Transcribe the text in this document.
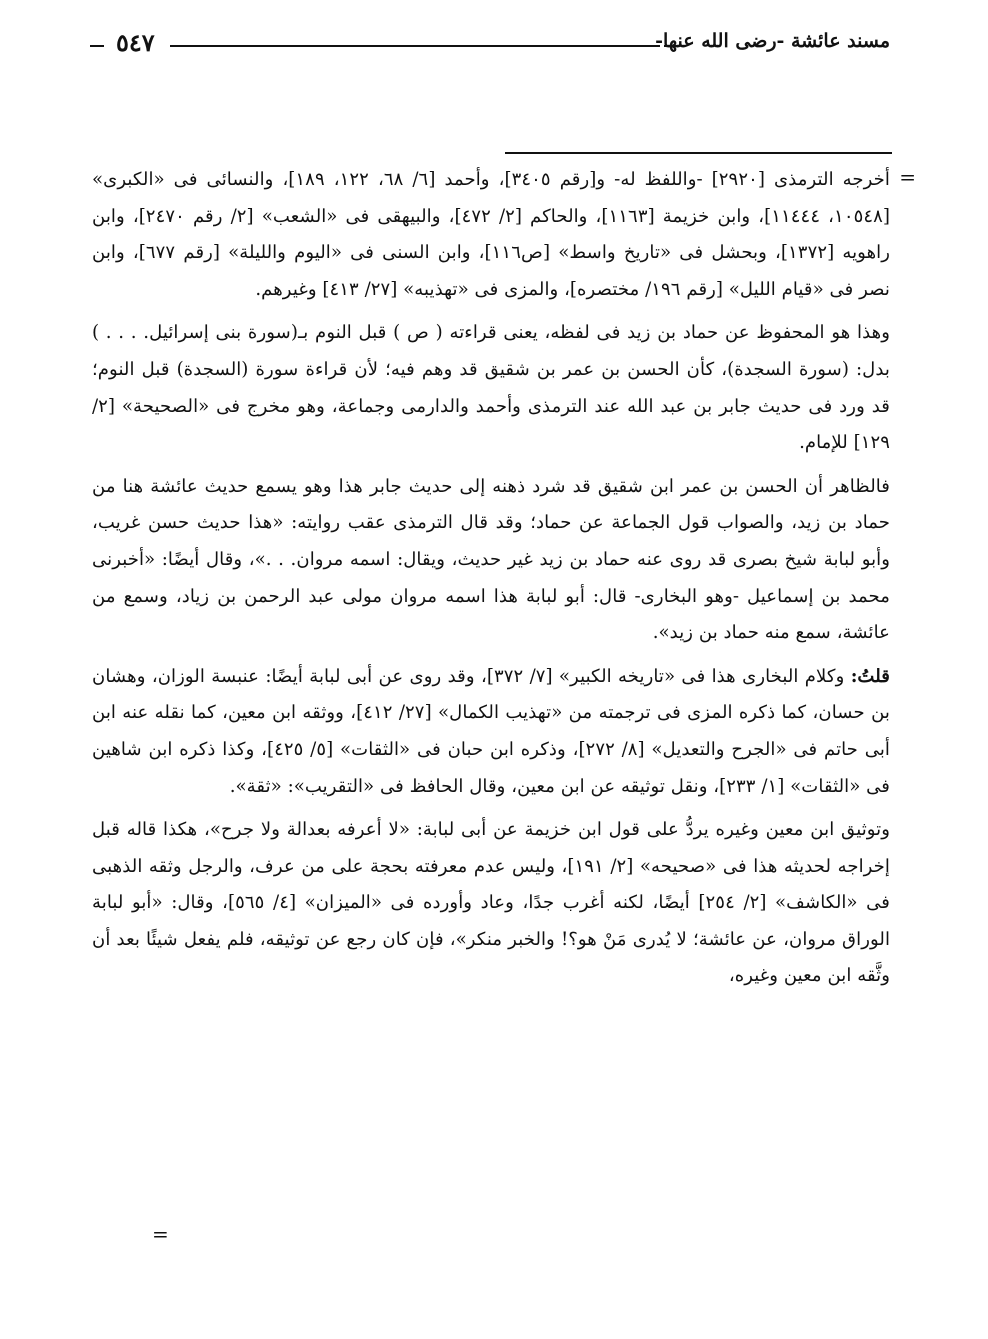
مسند عائشة -رضى الله عنها-
٥٤٧
=

أخرجه الترمذى [٢٩٢٠] -واللفظ له- و[رقم ٣٤٠٥]، وأحمد [٦/ ٦٨، ١٢٢، ١٨٩]، والنسائى فى «الكبرى» [١٠٥٤٨، ١١٤٤٤]، وابن خزيمة [١١٦٣]، والحاكم [٢/ ٤٧٢]، والبيهقى فى «الشعب» [٢/ رقم ٢٤٧٠]، وابن راهويه [١٣٧٢]، وبحشل فى «تاريخ واسط» [ص١١٦]، وابن السنى فى «اليوم والليلة» [رقم ٦٧٧]، وابن نصر فى «قيام الليل» [رقم ١٩٦/ مختصره]، والمزى فى «تهذيبه» [٢٧/ ٤١٣] وغيرهم.

وهذا هو المحفوظ عن حماد بن زيد فى لفظه، يعنى قراءته ( ص ) قبل النوم بـ(سورة بنى إسرائيل. . . . ) بدل: (سورة السجدة)، كأن الحسن بن عمر بن شقيق قد وهم فيه؛ لأن قراءة سورة (السجدة) قبل النوم؛ قد ورد فى حديث جابر بن عبد الله عند الترمذى وأحمد والدارمى وجماعة، وهو مخرج فى «الصحيحة» [٢/ ١٢٩] للإمام.

فالظاهر أن الحسن بن عمر ابن شقيق قد شرد ذهنه إلى حديث جابر هذا وهو يسمع حديث عائشة هنا من حماد بن زيد، والصواب قول الجماعة عن حماد؛ وقد قال الترمذى عقب روايته: «هذا حديث حسن غريب، وأبو لبابة شيخ بصرى قد روى عنه حماد بن زيد غير حديث، ويقال: اسمه مروان. . .»، وقال أيضًا: «أخبرنى محمد بن إسماعيل -وهو البخارى- قال: أبو لبابة هذا اسمه مروان مولى عبد الرحمن بن زياد، وسمع من عائشة، سمع منه حماد بن زيد».

قلتُ: وكلام البخارى هذا فى «تاريخه الكبير» [٧/ ٣٧٢]، وقد روى عن أبى لبابة أيضًا: عنبسة الوزان، وهشان بن حسان، كما ذكره المزى فى ترجمته من «تهذيب الكمال» [٢٧/ ٤١٢]، ووثقه ابن معين، كما نقله عنه ابن أبى حاتم فى «الجرح والتعديل» [٨/ ٢٧٢]، وذكره ابن حبان فى «الثقات» [٥/ ٤٢٥]، وكذا ذكره ابن شاهين فى «الثقات» [١/ ٢٣٣]، ونقل توثيقه عن ابن معين، وقال الحافظ فى «التقريب»: «ثقة».

وتوثيق ابن معين وغيره يردُّ على قول ابن خزيمة عن أبى لبابة: «لا أعرفه بعدالة ولا جرح»، هكذا قاله قبل إخراجه لحديثه هذا فى «صحيحه» [٢/ ١٩١]، وليس عدم معرفته بحجة على من عرف، والرجل وثقه الذهبى فى «الكاشف» [٢/ ٢٥٤] أيضًا، لكنه أغرب جدًا، وعاد وأورده فى «الميزان» [٤/ ٥٦٥]، وقال: «أبو لبابة الوراق مروان، عن عائشة؛ لا يُدرى مَنْ هو؟! والخبر منكر»، فإن كان رجع عن توثيقه، فلم يفعل شيئًا بعد أن وثَّقه ابن معين وغيره،

=
